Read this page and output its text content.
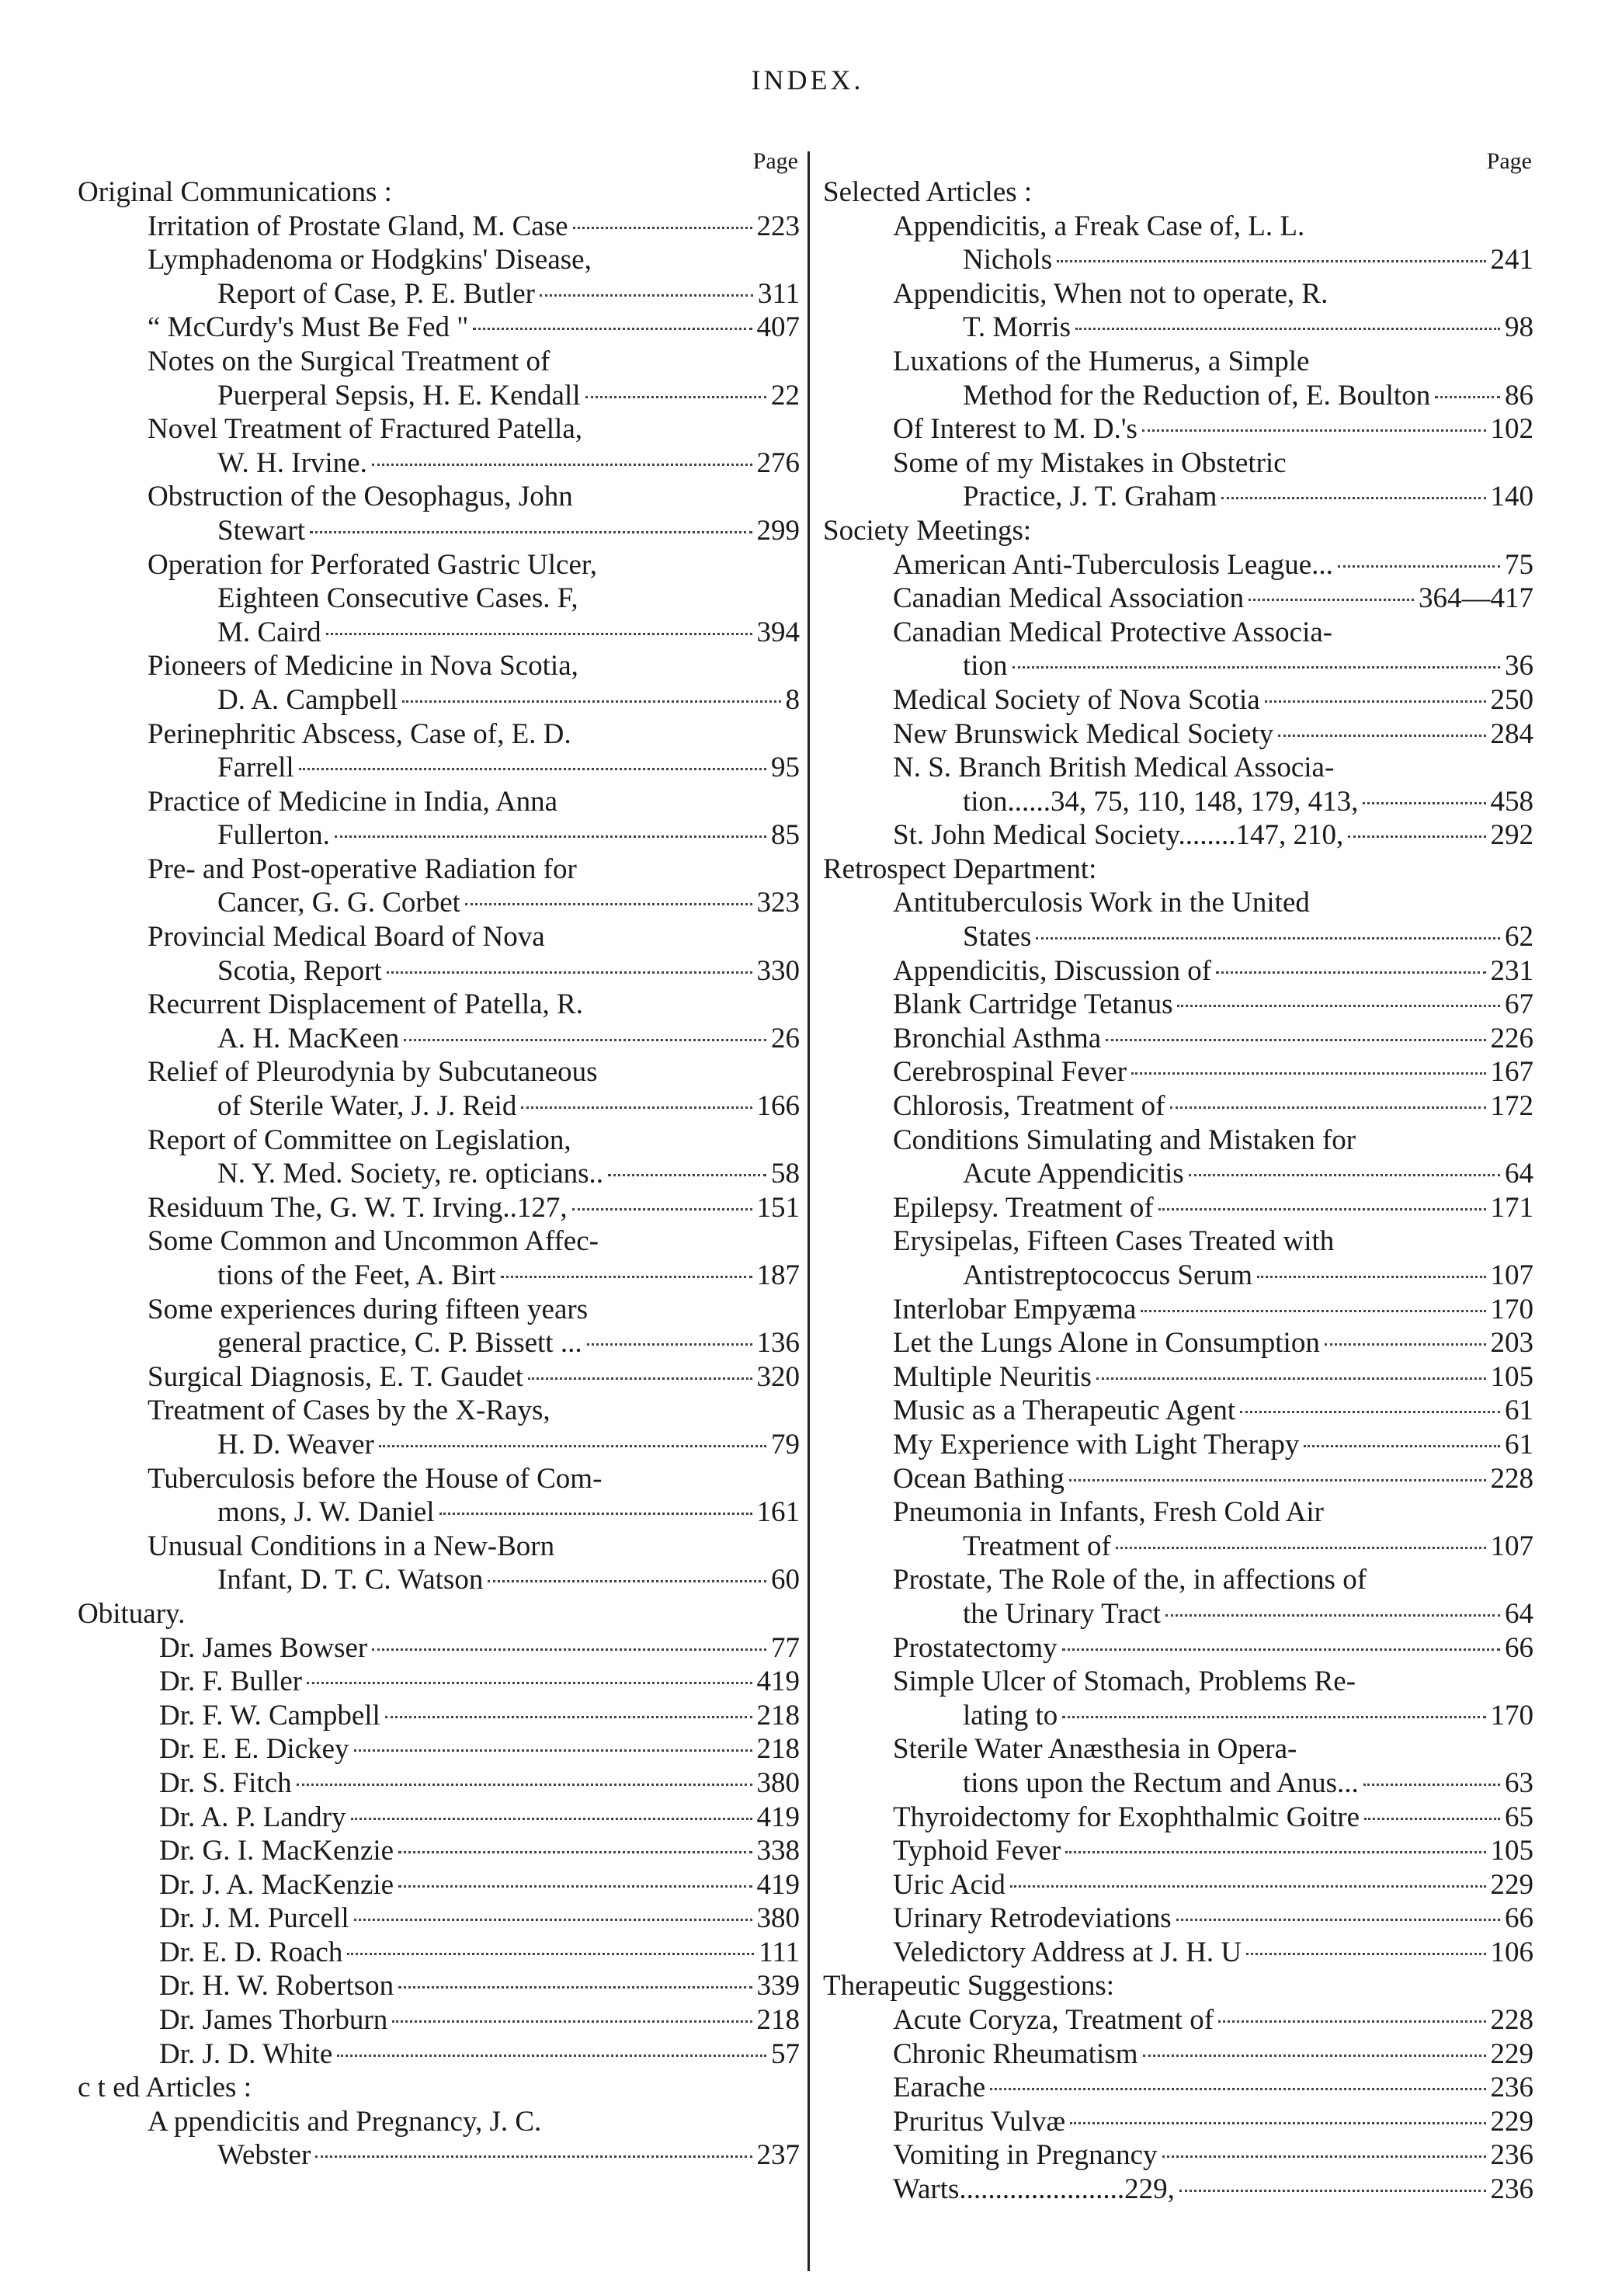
INDEX.
Page
Original Communications :
Irritation of Prostate Gland, M. Case	223
Lymphadenoma or Hodgkins' Disease,
Report of Case, P. E. Butler	311
“ McCurdy's Must Be Fed "	407
Notes on the Surgical Treatment of
Puerperal Sepsis, H. E. Kendall	22
Novel Treatment of Fractured Patella,
W. H. Irvine.	276
Obstruction of the Oesophagus, John
Stewart	299
Operation for Perforated Gastric Ulcer,
Eighteen Consecutive Cases. F,
M. Caird	394
Pioneers of Medicine in Nova Scotia,
D. A. Campbell	8
Perinephritic Abscess, Case of, E. D.
Farrell	95
Practice of Medicine in India, Anna
Fullerton.	85
Pre- and Post-operative Radiation for
Cancer, G. G. Corbet	323
Provincial Medical Board of Nova
Scotia, Report	330
Recurrent Displacement of Patella, R.
A. H. MacKeen	26
Relief of Pleurodynia by Subcutaneous
of Sterile Water, J. J. Reid	166
Report of Committee on Legislation,
N. Y. Med. Society, re. opticians..	58
Residuum The, G. W. T. Irving..127,	151
Some Common and Uncommon Affec-
tions of the Feet, A. Birt	187
Some experiences during fifteen years
general practice, C. P. Bissett ...	136
Surgical Diagnosis, E. T. Gaudet	320
Treatment of Cases by the X-Rays,
H. D. Weaver	79
Tuberculosis before the House of Com-
mons, J. W. Daniel	161
Unusual Conditions in a New-Born
Infant, D. T. C. Watson	60
Obituary.
Dr. James Bowser	77
Dr. F. Buller	419
Dr. F. W. Campbell	218
Dr. E. E. Dickey	218
Dr. S. Fitch	380
Dr. A. P. Landry	419
Dr. G. I. MacKenzie	338
Dr. J. A. MacKenzie	419
Dr. J. M. Purcell	380
Dr. E. D. Roach	111
Dr. H. W. Robertson	339
Dr. James Thorburn	218
Dr. J. D. White	57
c t ed Articles :
A ppendicitis and Pregnancy, J. C.
Webster	237
Page
Selected Articles :
Appendicitis, a Freak Case of, L. L.
Nichols	241
Appendicitis, When not to operate, R.
T. Morris	98
Luxations of the Humerus, a Simple
Method for the Reduction of, E. Boulton	86
Of Interest to M. D.'s	102
Some of my Mistakes in Obstetric
Practice, J. T. Graham	140
Society Meetings:
American Anti-Tuberculosis League...	75
Canadian Medical Association	364—417
Canadian Medical Protective Associa-
tion	36
Medical Society of Nova Scotia	250
New Brunswick Medical Society	284
N. S. Branch British Medical Associa-
tion......34, 75, 110, 148, 179, 413,	458
St. John Medical Society........147, 210,	292
Retrospect Department:
Antituberculosis Work in the United
States	62
Appendicitis, Discussion of	231
Blank Cartridge Tetanus	67
Bronchial Asthma	226
Cerebrospinal Fever	167
Chlorosis, Treatment of	172
Conditions Simulating and Mistaken for
Acute Appendicitis	64
Epilepsy. Treatment of	171
Erysipelas, Fifteen Cases Treated with
Antistreptococcus Serum	107
Interlobar Empyæma	170
Let the Lungs Alone in Consumption	203
Multiple Neuritis	105
Music as a Therapeutic Agent	61
My Experience with Light Therapy	61
Ocean Bathing	228
Pneumonia in Infants, Fresh Cold Air
Treatment of	107
Prostate, The Role of the, in affections of
the Urinary Tract	64
Prostatectomy	66
Simple Ulcer of Stomach, Problems Re-
lating to	170
Sterile Water Anæsthesia in Opera-
tions upon the Rectum and Anus...	63
Thyroidectomy for Exophthalmic Goitre	65
Typhoid Fever	105
Uric Acid	229
Urinary Retrodeviations	66
Veledictory Address at J. H. U	106
Therapeutic Suggestions:
Acute Coryza, Treatment of	228
Chronic Rheumatism	229
Earache	236
Pruritus Vulvæ	229
Vomiting in Pregnancy	236
Warts.......................229,	236
